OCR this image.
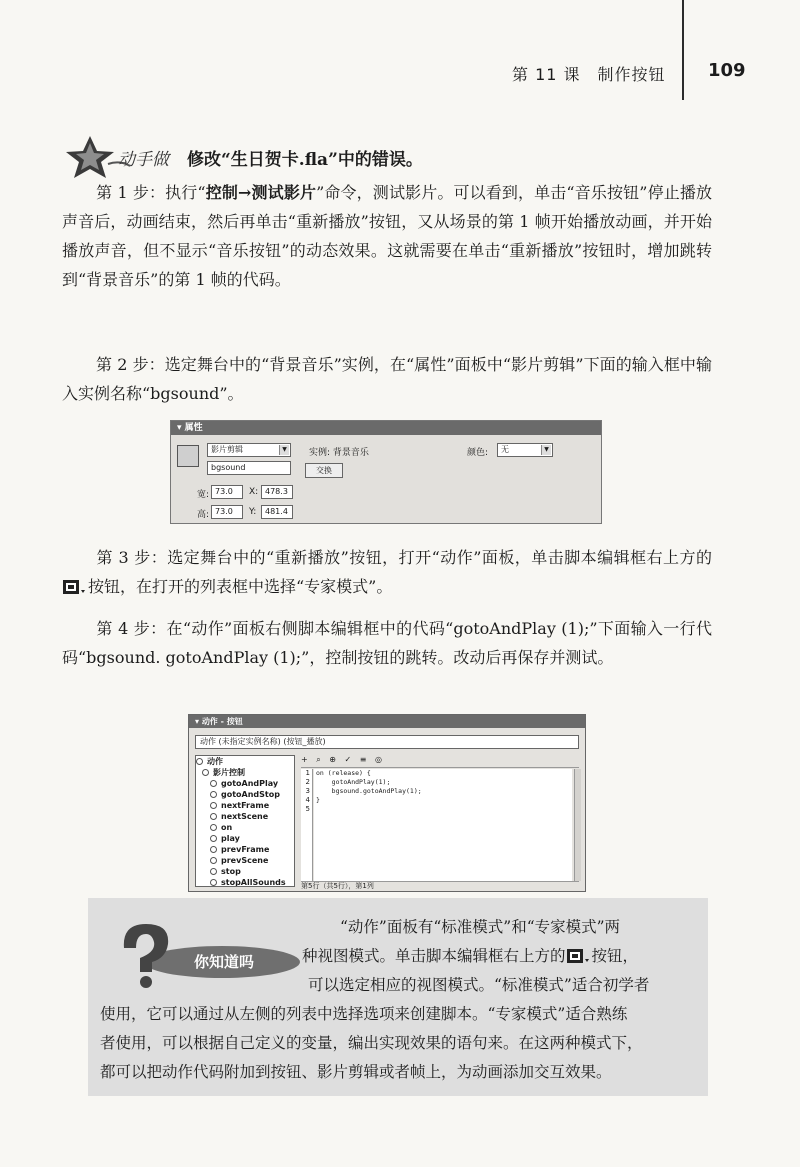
第 11 课　制作按钮 109
动手做 修改“生日贺卡.fla”中的错误。

第 1 步：执行“控制→测试影片”命令，测试影片。可以看到，单击“音乐按钮”停止播放声音后，动画结束，然后再单击“重新播放”按钮，又从场景的第 1 帧开始播放动画，并开始播放声音，但不显示“音乐按钮”的动态效果。这就需要在单击“重新播放”按钮时，增加跳转到“背景音乐”的第 1 帧的代码。

第 2 步：选定舞台中的“背景音乐”实例，在“属性”面板中“影片剪辑”下面的输入框中输入实例名称“bgsound”。

▾ 属性
影片剪辑	▼
bgsound
实例: 背景音乐
交换
颜色:	无	▼
宽: 73.0	X: 478.3
高: 73.0	Y:	481.4

第 3 步：选定舞台中的“重新播放”按钮，打开“动作”面板，单击脚本编辑框右上方的按钮，在打开的列表框中选择“专家模式”。

第 4 步：在“动作”面板右侧脚本编辑框中的代码“gotoAndPlay (1);”下面输入一行代码“bgsound. gotoAndPlay (1);”，控制按钮的跳转。改动后再保存并测试。

▾ 动作 - 按钮
动作 (未指定实例名称) (按钮_播放)
动作
影片控制
gotoAndPlay
gotoAndStop
nextFrame
nextScene
on
play
prevFrame
prevScene
stop
stopAllSounds
+ ⌕ ⊕ ✓ ≡ ◎
1
2
3
4
5
on (release) {
gotoAndPlay(1);
bgsound.gotoAndPlay(1);
}
第5行（共5行），第1列
你知道吗

“动作”面板有“标准模式”和“专家模式”两

种视图模式。单击脚本编辑框右上方的 按钮，

可以选定相应的视图模式。“标准模式”适合初学者

使用，它可以通过从左侧的列表中选择选项来创建脚本。“专家模式”适合熟练

者使用，可以根据自己定义的变量，编出实现效果的语句来。在这两种模式下，

都可以把动作代码附加到按钮、影片剪辑或者帧上，为动画添加交互效果。
